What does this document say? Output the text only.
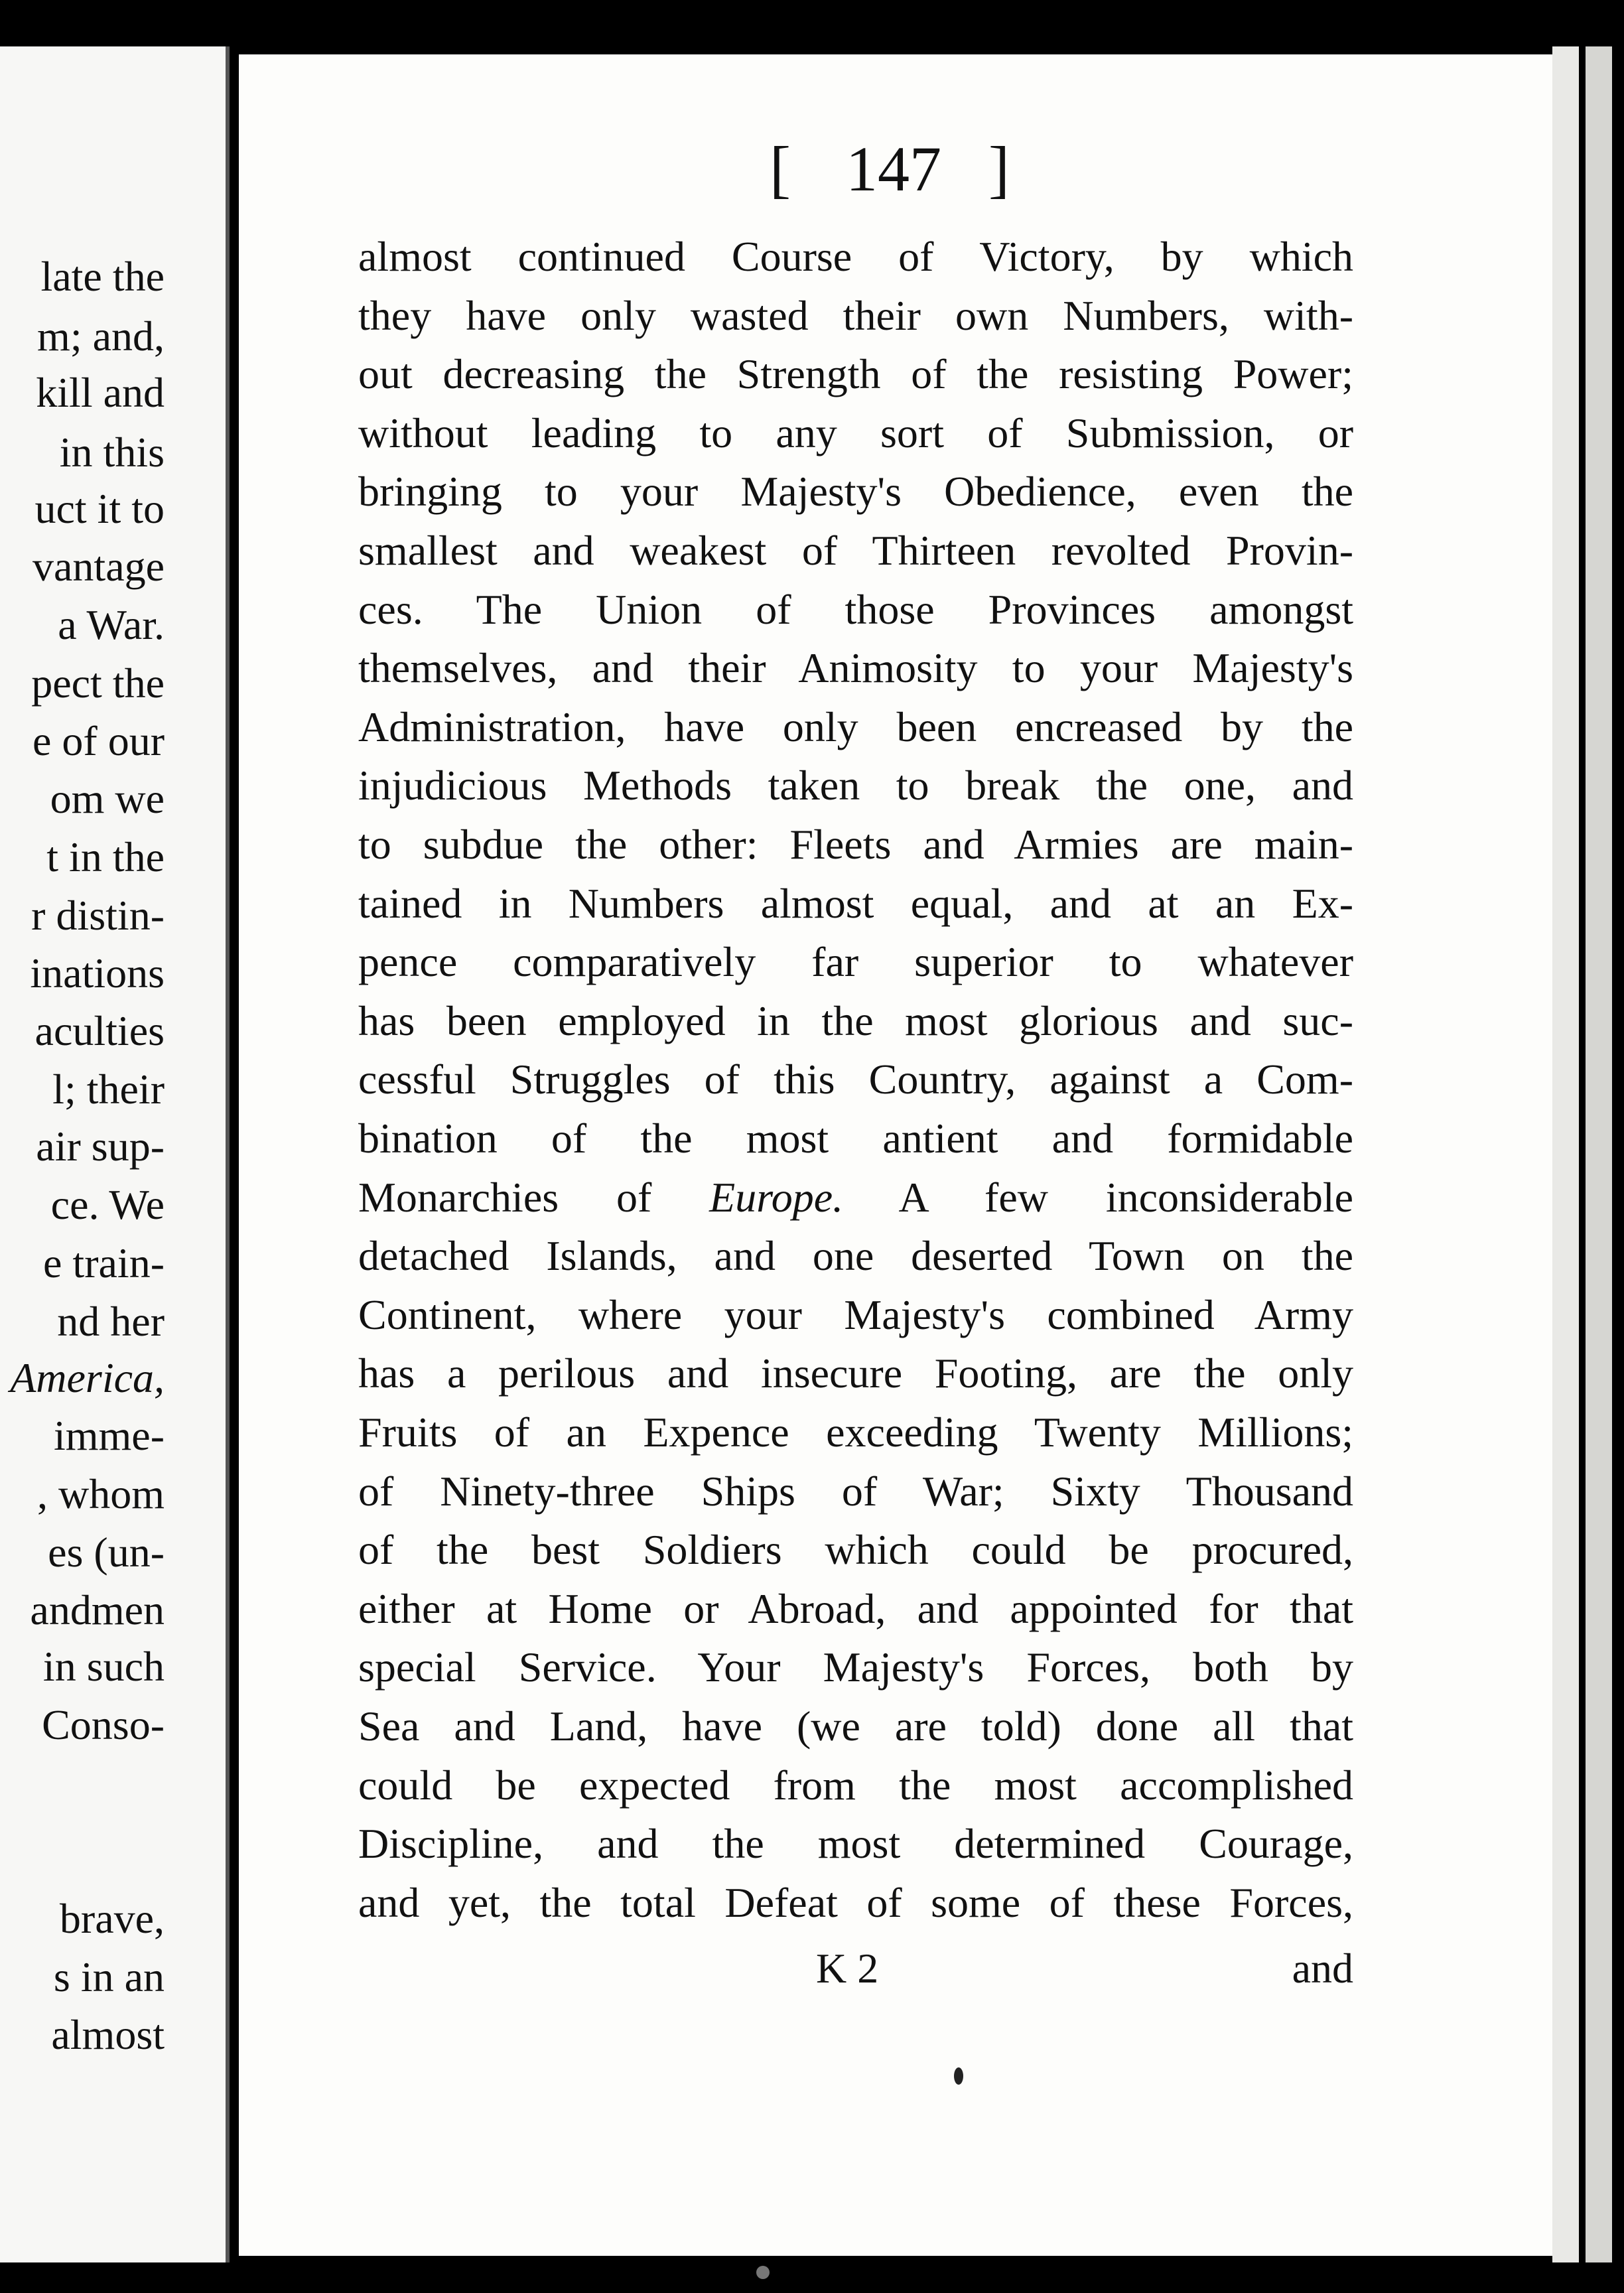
late the
m; and,
kill and
in this
uct it to
vantage
a War.
pect the
e of our
om we
t in the
r distin-
inations
aculties
l; their
air sup-
ce. We
e train-
nd her
America,
imme-
, whom
es (un-
andmen
in such
Conso-
brave,
s in an
almost
[ 147 ]
almost continued Course of Victory, by which
they have only wasted their own Numbers, with-
out decreasing the Strength of the resisting Power;
without leading to any sort of Submission, or
bringing to your Majesty's Obedience, even the
smallest and weakest of Thirteen revolted Provin-
ces. The Union of those Provinces amongst
themselves, and their Animosity to your Majesty's
Administration, have only been encreased by the
injudicious Methods taken to break the one, and
to subdue the other: Fleets and Armies are main-
tained in Numbers almost equal, and at an Ex-
pence comparatively far superior to whatever
has been employed in the most glorious and suc-
cessful Struggles of this Country, against a Com-
bination of the most antient and formidable
Monarchies of Europe. A few inconsiderable
detached Islands, and one deserted Town on the
Continent, where your Majesty's combined Army
has a perilous and insecure Footing, are the only
Fruits of an Expence exceeding Twenty Millions;
of Ninety-three Ships of War; Sixty Thousand
of the best Soldiers which could be procured,
either at Home or Abroad, and appointed for that
special Service. Your Majesty's Forces, both by
Sea and Land, have (we are told) done all that
could be expected from the most accomplished
Discipline, and the most determined Courage,
and yet, the total Defeat of some of these Forces,
K 2	and
